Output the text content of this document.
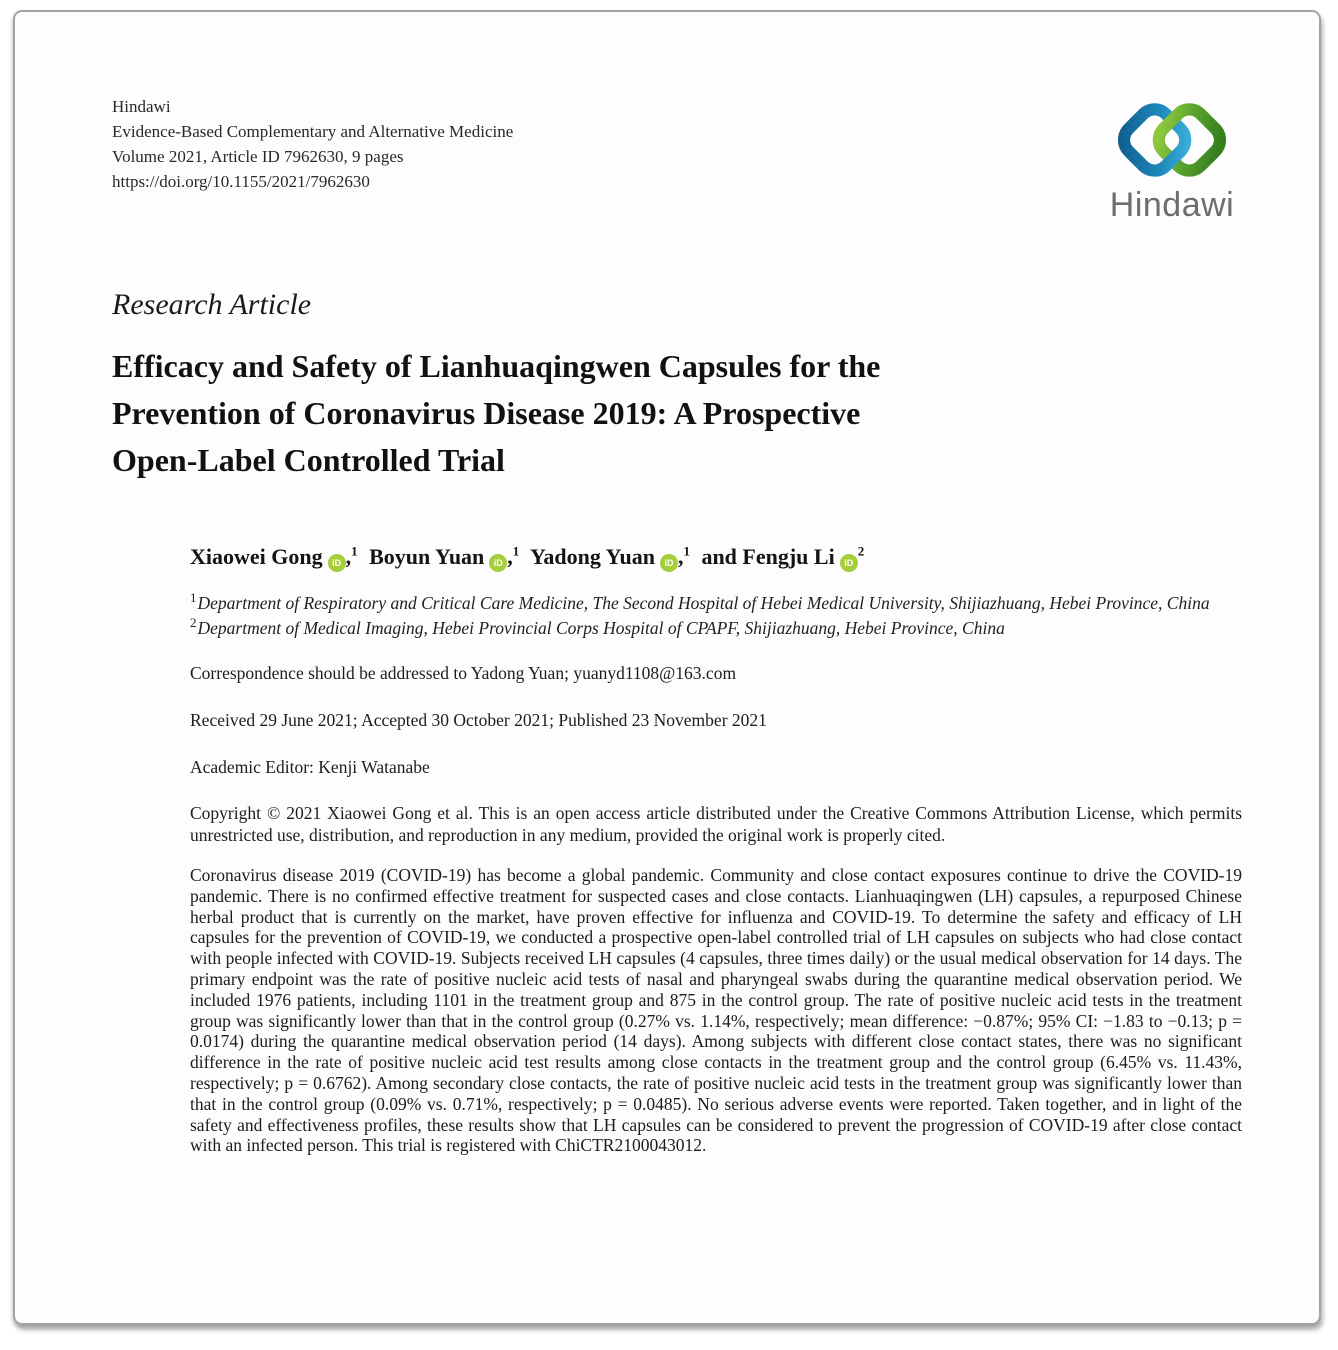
Hindawi
Evidence-Based Complementary and Alternative Medicine
Volume 2021, Article ID 7962630, 9 pages
https://doi.org/10.1155/2021/7962630
Hindawi
Research Article
Efficacy and Safety of Lianhuaqingwen Capsules for the
Prevention of Coronavirus Disease 2019: A Prospective
Open-Label Controlled Trial
Xiaowei Gong iD ,$^1$ Boyun Yuan iD ,$^1$ Yadong Yuan iD ,$^1$ and Fengju Li $iD^2$
$^1$Department of Respiratory and Critical Care Medicine, The Second Hospital of Hebei Medical University, Shijiazhuang, Hebei Province, China
$^2$Department of Medical Imaging, Hebei Provincial Corps Hospital of CPAPF, Shijiazhuang, Hebei Province, China

Correspondence should be addressed to Yadong Yuan; yuanyd1108@163.com

Received 29 June 2021; Accepted 30 October 2021; Published 23 November 2021

Academic Editor: Kenji Watanabe

Copyright © 2021 Xiaowei Gong et al. This is an open access article distributed under the Creative Commons Attribution License, which permits unrestricted use, distribution, and reproduction in any medium, provided the original work is properly cited.

Coronavirus disease 2019 (COVID-19) has become a global pandemic. Community and close contact exposures continue to drive the COVID-19 pandemic. There is no confirmed effective treatment for suspected cases and close contacts. Lianhuaqingwen (LH) capsules, a repurposed Chinese herbal product that is currently on the market, have proven effective for influenza and COVID-19. To determine the safety and efficacy of LH capsules for the prevention of COVID-19, we conducted a prospective open-label controlled trial of LH capsules on subjects who had close contact with people infected with COVID-19. Subjects received LH capsules (4 capsules, three times daily) or the usual medical observation for 14 days. The primary endpoint was the rate of positive nucleic acid tests of nasal and pharyngeal swabs during the quarantine medical observation period. We included 1976 patients, including 1101 in the treatment group and 875 in the control group. The rate of positive nucleic acid tests in the treatment group was significantly lower than that in the control group (0.27% vs. 1.14%, respectively; mean difference: −0.87%; 95% CI: −1.83 to −0.13; p = 0.0174) during the quarantine medical observation period (14 days). Among subjects with different close contact states, there was no significant difference in the rate of positive nucleic acid test results among close contacts in the treatment group and the control group (6.45% vs. 11.43%, respectively; p = 0.6762). Among secondary close contacts, the rate of positive nucleic acid tests in the treatment group was significantly lower than that in the control group (0.09% vs. 0.71%, respectively; p = 0.0485). No serious adverse events were reported. Taken together, and in light of the safety and effectiveness profiles, these results show that LH capsules can be considered to prevent the progression of COVID-19 after close contact with an infected person. This trial is registered with ChiCTR2100043012.
